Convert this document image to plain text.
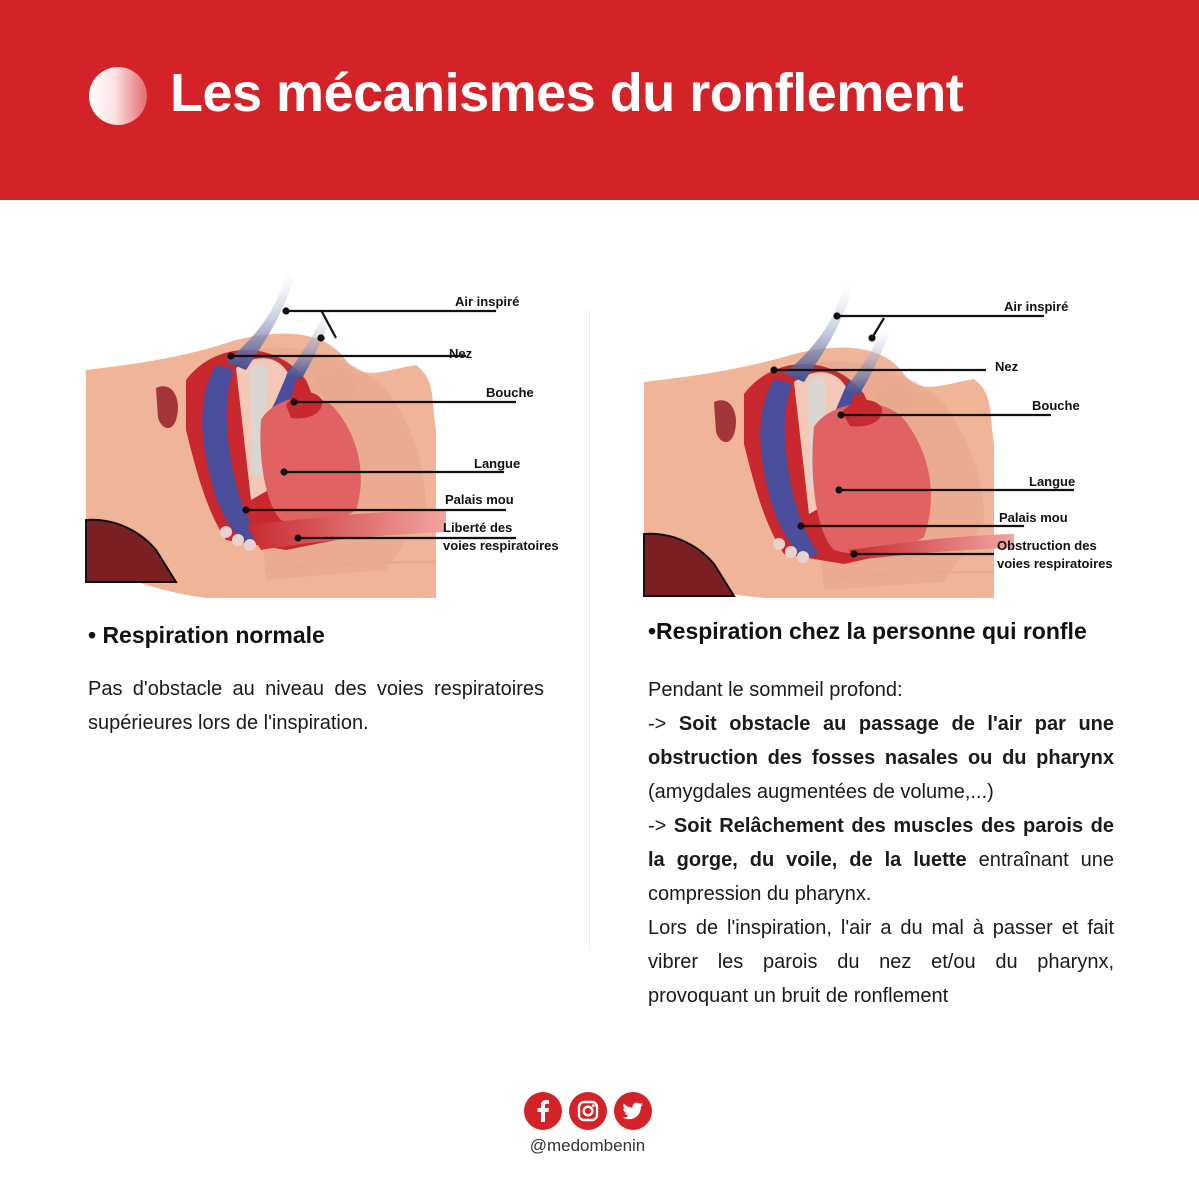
Les mécanismes du ronflement
Air inspiré
Nez
Bouche
Langue
Palais mou
Liberté des
voies respiratoires
Air inspiré
Nez
Bouche
Langue
Palais mou
Obstruction des
voies respiratoires
• Respiration normale

Pas d'obstacle au niveau des voies respiratoires supérieures lors de l'inspiration.

•Respiration chez la personne qui ronfle

Pendant le sommeil profond:

-> Soit obstacle au passage de l'air par une obstruction des fosses nasales ou du pharynx (amygdales augmentées de volume,...)

-> Soit Relâchement des muscles des parois de la gorge, du voile, de la luette entraînant une compression du pharynx.

Lors de l'inspiration, l'air a du mal à passer et fait vibrer les parois du nez et/ou du pharynx, provoquant un bruit de ronflement

@medombenin
